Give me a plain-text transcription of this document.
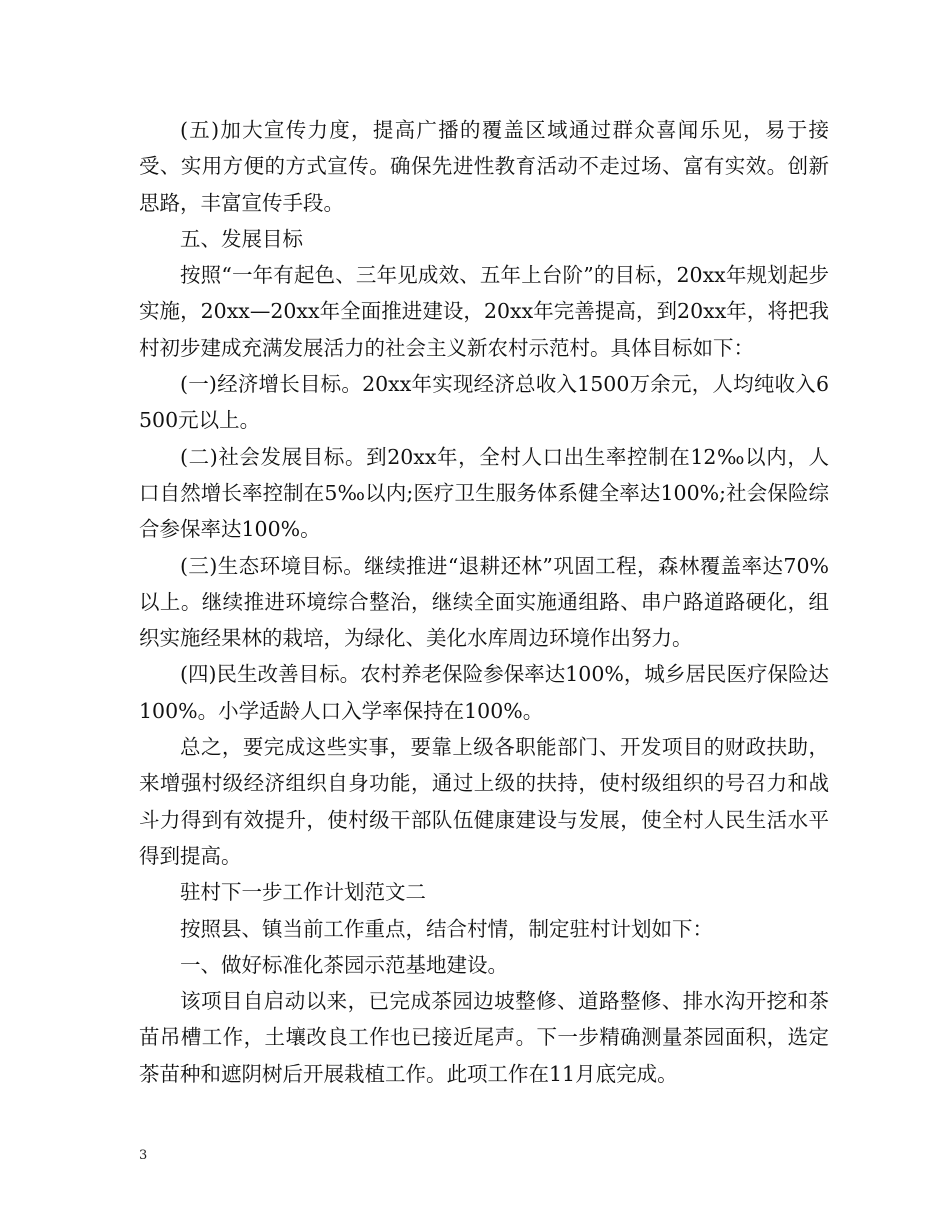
(五)加大宣传力度，提高广播的覆盖区域通过群众喜闻乐见，易于接受、实用方便的方式宣传。确保先进性教育活动不走过场、富有实效。创新思路，丰富宣传手段。

五、发展目标

按照“一年有起色、三年见成效、五年上台阶”的目标，20xx年规划起步实施，20xx—20xx年全面推进建设，20xx年完善提高，到20xx年，将把我村初步建成充满发展活力的社会主义新农村示范村。具体目标如下：

(一)经济增长目标。20xx年实现经济总收入1500万余元，人均纯收入6500元以上。

(二)社会发展目标。到20xx年，全村人口出生率控制在12‰以内，人口自然增长率控制在5‰以内;医疗卫生服务体系健全率达100%;社会保险综合参保率达100%。

(三)生态环境目标。继续推进“退耕还林”巩固工程，森林覆盖率达70%以上。继续推进环境综合整治，继续全面实施通组路、串户路道路硬化，组织实施经果林的栽培，为绿化、美化水库周边环境作出努力。

(四)民生改善目标。农村养老保险参保率达100%，城乡居民医疗保险达100%。小学适龄人口入学率保持在100%。

总之，要完成这些实事，要靠上级各职能部门、开发项目的财政扶助，来增强村级经济组织自身功能，通过上级的扶持，使村级组织的号召力和战斗力得到有效提升，使村级干部队伍健康建设与发展，使全村人民生活水平得到提高。

驻村下一步工作计划范文二

按照县、镇当前工作重点，结合村情，制定驻村计划如下：

一、做好标准化茶园示范基地建设。

该项目自启动以来，已完成茶园边坡整修、道路整修、排水沟开挖和茶苗吊槽工作，土壤改良工作也已接近尾声。下一步精确测量茶园面积，选定茶苗种和遮阴树后开展栽植工作。此项工作在11月底完成。

3
